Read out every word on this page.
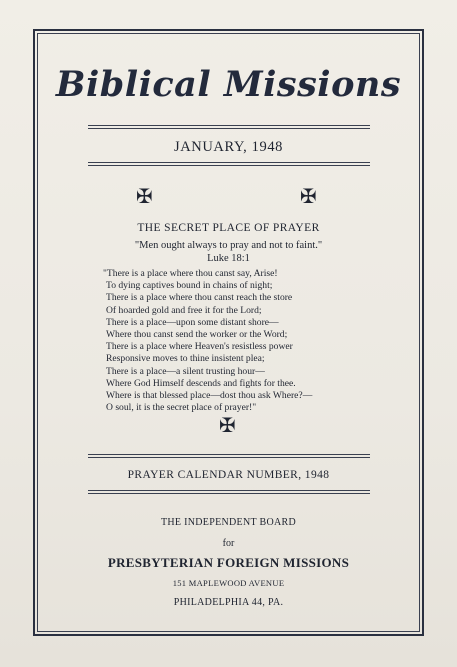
Biblical Missions
JANUARY, 1948
✠	✠
THE SECRET PLACE OF PRAYER
"Men ought always to pray and not to faint."
Luke 18:1
"There is a place where thou canst say, Arise!
To dying captives bound in chains of night;
There is a place where thou canst reach the store
Of hoarded gold and free it for the Lord;
There is a place—upon some distant shore—
Where thou canst send the worker or the Word;
There is a place where Heaven's resistless power
Responsive moves to thine insistent plea;
There is a place—a silent trusting hour—
Where God Himself descends and fights for thee.
Where is that blessed place—dost thou ask Where?—
O soul, it is the secret place of prayer!"
✠
PRAYER CALENDAR NUMBER, 1948
THE INDEPENDENT BOARD
for
PRESBYTERIAN FOREIGN MISSIONS
151 MAPLEWOOD AVENUE
PHILADELPHIA 44, PA.
